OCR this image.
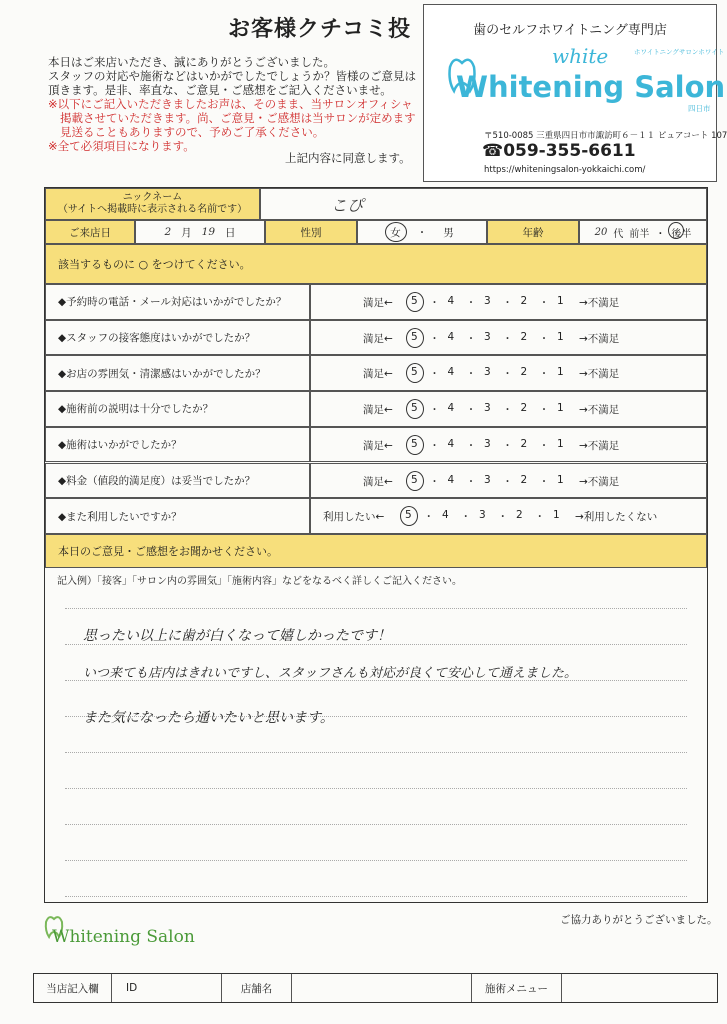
お客様クチコミ投
本日はご来店いただき、誠にありがとうございました。
スタッフの対応や施術などはいかがでしたでしょうか？皆様のご意見は
頂きます。是非、率直な、ご意見・ご感想をご記入くださいませ。
※以下にご記入いただきましたお声は、そのまま、当サロンオフィシャ
掲載させていただきます。尚、ご意見・ご感想は当サロンが定めます
見送ることもありますので、予めご了承ください。
※全て必須項目になります。
上記内容に同意します。
歯のセルフホワイトニング専門店
white	ホワイトニングサロンホワイト
Whitening Salon
四日市
〒510-0085 三重県四日市市諏訪町６－１１ ピュアコート 107
☎059-355-6611
https://whiteningsalon-yokkaichi.com/
ニックネーム
（サイトへ掲載時に表示される名前です）	こぴ
ご来店日	2 月 19 日	性別	女 ・ 男	年齢	20 代 前半 ・ 後半
該当するものに ○ をつけてください。
◆予約時の電話・メール対応はいかがでしたか？	満足← 5 ・ 4 ・ 3 ・ 2 ・ 1 →不満足
◆スタッフの接客態度はいかがでしたか？	満足← 5 ・ 4 ・ 3 ・ 2 ・ 1 →不満足
◆お店の雰囲気・清潔感はいかがでしたか？	満足← 5 ・ 4 ・ 3 ・ 2 ・ 1 →不満足
◆施術前の説明は十分でしたか？	満足← 5 ・ 4 ・ 3 ・ 2 ・ 1 →不満足
◆施術はいかがでしたか？	満足← 5 ・ 4 ・ 3 ・ 2 ・ 1 →不満足
◆料金（値段的満足度）は妥当でしたか？	満足← 5 ・ 4 ・ 3 ・ 2 ・ 1 →不満足
◆また利用したいですか？	利用したい← 5 ・ 4 ・ 3 ・ 2 ・ 1 →利用したくない
本日のご意見・ご感想をお聞かせください。
記入例）「接客」「サロン内の雰囲気」「施術内容」などをなるべく詳しくご記入ください。
思ったい以上に歯が白くなって嬉しかったです！
いつ来ても店内はきれいですし、スタッフさんも対応が良くて安心して通えました。
また気になったら通いたいと思います。
Whitening Salon
ご協力ありがとうございました。
当店記入欄	ID	店舗名	施術メニュー
